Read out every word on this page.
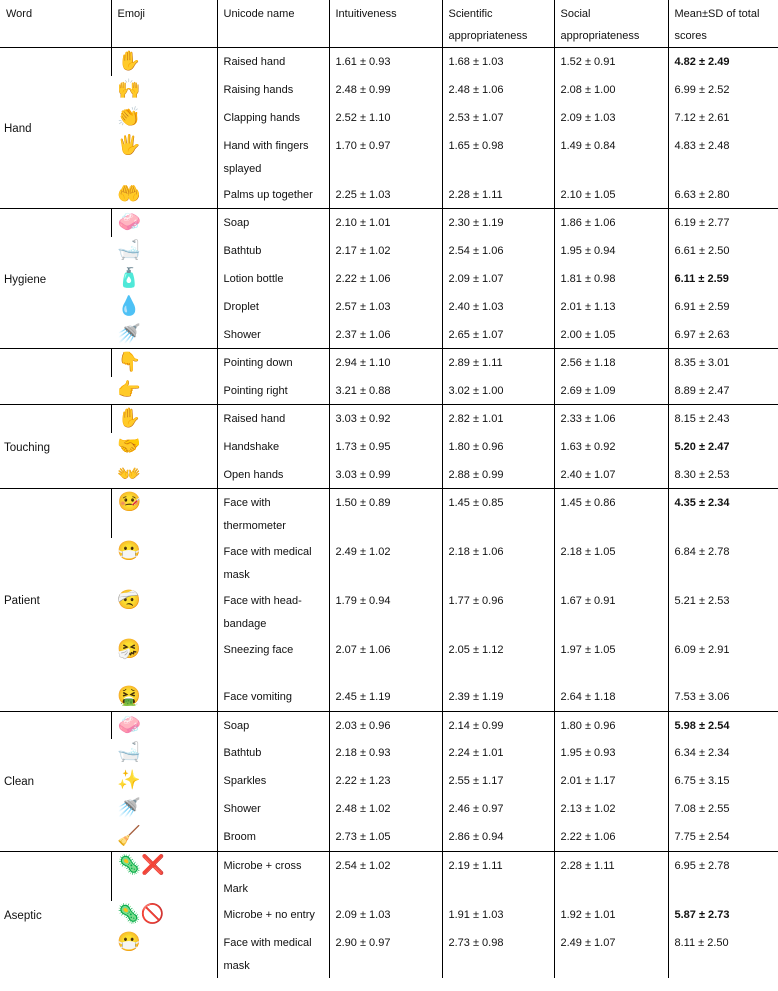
Word	Emoji	Unicode name	Intuitiveness	Scientific appropriateness	Social appropriateness	Mean±SD of total scores
Hand	✋	Raised hand	1.61 ± 0.93	1.68 ± 1.03	1.52 ± 0.91	4.82 ± 2.49
	🙌	Raising hands	2.48 ± 0.99	2.48 ± 1.06	2.08 ± 1.00	6.99 ± 2.52
	👏	Clapping hands	2.52 ± 1.10	2.53 ± 1.07	2.09 ± 1.03	7.12 ± 2.61
	🖐	Hand with fingers splayed	1.70 ± 0.97	1.65 ± 0.98	1.49 ± 0.84	4.83 ± 2.48
	🤲	Palms up together	2.25 ± 1.03	2.28 ± 1.11	2.10 ± 1.05	6.63 ± 2.80
Hygiene	🧼	Soap	2.10 ± 1.01	2.30 ± 1.19	1.86 ± 1.06	6.19 ± 2.77
	🛁	Bathtub	2.17 ± 1.02	2.54 ± 1.06	1.95 ± 0.94	6.61 ± 2.50
	🧴	Lotion bottle	2.22 ± 1.06	2.09 ± 1.07	1.81 ± 0.98	6.11 ± 2.59
	💧	Droplet	2.57 ± 1.03	2.40 ± 1.03	2.01 ± 1.13	6.91 ± 2.59
	🚿	Shower	2.37 ± 1.06	2.65 ± 1.07	2.00 ± 1.05	6.97 ± 2.63
	👇	Pointing down	2.94 ± 1.10	2.89 ± 1.11	2.56 ± 1.18	8.35 ± 3.01
	👉	Pointing right	3.21 ± 0.88	3.02 ± 1.00	2.69 ± 1.09	8.89 ± 2.47
Touching	✋	Raised hand	3.03 ± 0.92	2.82 ± 1.01	2.33 ± 1.06	8.15 ± 2.43
	🤝	Handshake	1.73 ± 0.95	1.80 ± 0.96	1.63 ± 0.92	5.20 ± 2.47
	👐	Open hands	3.03 ± 0.99	2.88 ± 0.99	2.40 ± 1.07	8.30 ± 2.53
Patient	🤒	Face with thermometer	1.50 ± 0.89	1.45 ± 0.85	1.45 ± 0.86	4.35 ± 2.34
	😷	Face with medical mask	2.49 ± 1.02	2.18 ± 1.06	2.18 ± 1.05	6.84 ± 2.78
	🤕	Face with head-bandage	1.79 ± 0.94	1.77 ± 0.96	1.67 ± 0.91	5.21 ± 2.53
	🤧	Sneezing face	2.07 ± 1.06	2.05 ± 1.12	1.97 ± 1.05	6.09 ± 2.91
	🤮	Face vomiting	2.45 ± 1.19	2.39 ± 1.19	2.64 ± 1.18	7.53 ± 3.06
Clean	🧼	Soap	2.03 ± 0.96	2.14 ± 0.99	1.80 ± 0.96	5.98 ± 2.54
	🛁	Bathtub	2.18 ± 0.93	2.24 ± 1.01	1.95 ± 0.93	6.34 ± 2.34
	✨	Sparkles	2.22 ± 1.23	2.55 ± 1.17	2.01 ± 1.17	6.75 ± 3.15
	🚿	Shower	2.48 ± 1.02	2.46 ± 0.97	2.13 ± 1.02	7.08 ± 2.55
	🧹	Broom	2.73 ± 1.05	2.86 ± 0.94	2.22 ± 1.06	7.75 ± 2.54
Aseptic	🦠❌	Microbe + cross Mark	2.54 ± 1.02	2.19 ± 1.11	2.28 ± 1.11	6.95 ± 2.78
	🦠🚫	Microbe + no entry	2.09 ± 1.03	1.91 ± 1.03	1.92 ± 1.01	5.87 ± 2.73
	😷	Face with medical mask	2.90 ± 0.97	2.73 ± 0.98	2.49 ± 1.07	8.11 ± 2.50
